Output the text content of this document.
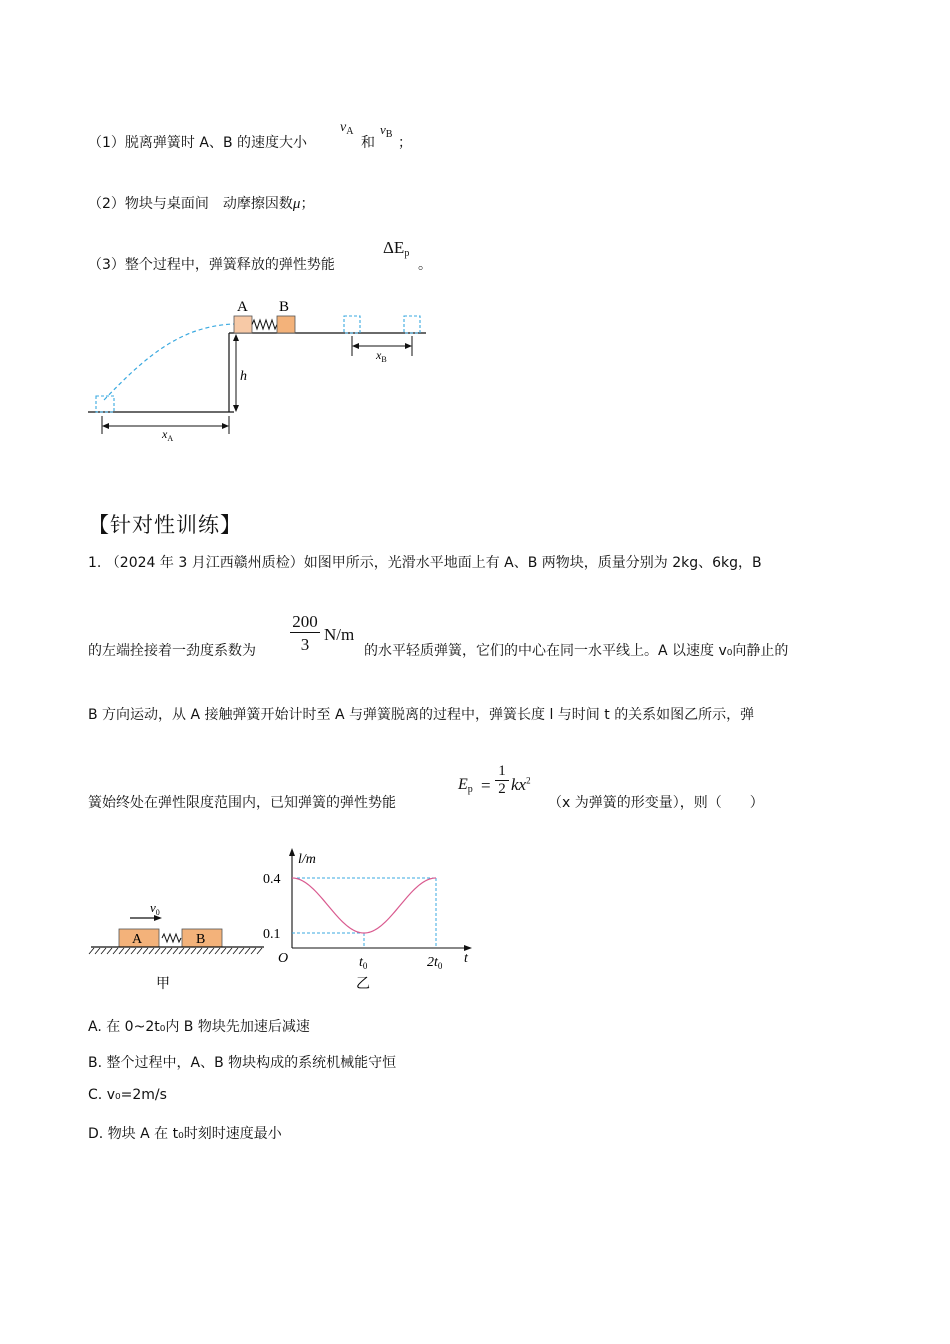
（1）脱离弹簧时 A、B 的速度大小
$v_A$
和
$v_B$
；
（2）物块与桌面间　动摩擦因数μ；
（3）整个过程中，弹簧释放的弹性势能
$\Delta E_p$
。
A B
$x_B$
h
$x_A$
【针对性训练】
1. （2024 年 3 月江西赣州质检）如图甲所示，光滑水平地面上有 A、B 两物块，质量分别为 2kg、6kg，B
的左端拴接着一劲度系数为 $\frac{200}{3} N/m$
的水平轻质弹簧，它们的中心在同一水平线上。A 以速度 v₀向静止的
B 方向运动，从 A 接触弹簧开始计时至 A 与弹簧脱离的过程中，弹簧长度 l 与时间 t 的关系如图乙所示，弹
簧始终处在弹性限度范围内，已知弹簧的弹性势能
$E_p = \frac{1}{2} kx^2$
（x 为弹簧的形变量），则（　　）
$v_0$
A	B
甲
l/m
t
O
0.4
0.1
$t_0$	$2t_0$
乙
A. 在 0~2t₀内 B 物块先加速后减速
B. 整个过程中，A、B 物块构成的系统机械能守恒
C. v₀=2m/s
D. 物块 A 在 t₀时刻时速度最小
